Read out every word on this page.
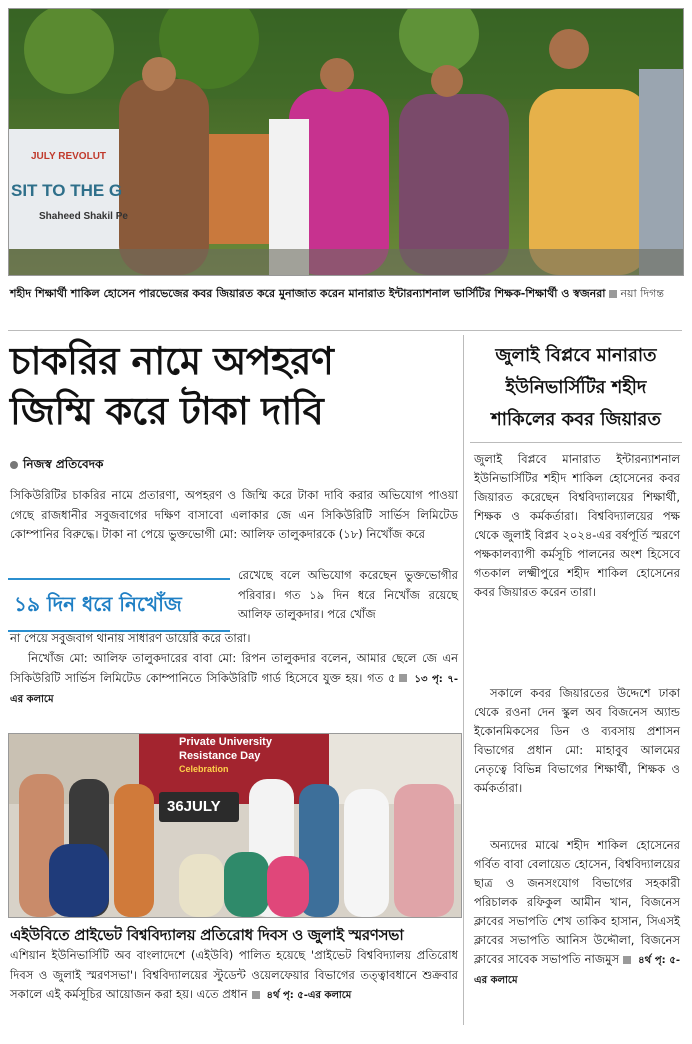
JULY REVOLUT
SIT TO THE G
Shaheed Shakil Pe
শহীদ শিক্ষার্থী শাকিল হোসেন পারভেজের কবর জিয়ারত করে মুনাজাত করেন মানারাত ইন্টারন্যাশনাল ভার্সিটির শিক্ষক-শিক্ষার্থী ও স্বজনরা নয়া দিগন্ত
চাকরির নামে অপহরণ
জিম্মি করে টাকা দাবি
নিজস্ব প্রতিবেদক
সিকিউরিটির চাকরির নামে প্রতারণা, অপহরণ ও জিম্মি করে টাকা দাবি করার অভিযোগ পাওয়া গেছে রাজধানীর সবুজবাগের দক্ষিণ বাসাবো এলাকার জে এন সিকিউরিটি সার্ভিস লিমিটেড কোম্পানির বিরুদ্ধে। টাকা না পেয়ে ভুক্তভোগী মো: আলিফ তালুকদারকে (১৮) নিখোঁজ করে
১৯ দিন ধরে নিখোঁজ
রেখেছে বলে অভিযোগ করেছেন ভুক্তভোগীর পরিবার। গত ১৯ দিন ধরে নিখোঁজ রয়েছে আলিফ তালুকদার। পরে খোঁজ
না পেয়ে সবুজবাগ থানায় সাধারণ ডায়েরি করে তারা।
নিখোঁজ মো: আলিফ তালুকদারের বাবা মো: রিপন তালুকদার বলেন, আমার ছেলে জে এন সিকিউরিটি সার্ভিস লিমিটেড কোম্পানিতে সিকিউরিটি গার্ড হিসেবে যুক্ত হয়। গত ৫ ১৩ পৃ: ৭-এর কলামে
Private University
Resistance Day
Celebration
36JULY
এইউবিতে প্রাইভেট বিশ্ববিদ্যালয় প্রতিরোধ দিবস ও জুলাই স্মরণসভা
এশিয়ান ইউনিভার্সিটি অব বাংলাদেশে (এইউবি) পালিত হয়েছে 'প্রাইভেট বিশ্ববিদ্যালয় প্রতিরোধ দিবস ও জুলাই স্মরণসভা'। বিশ্ববিদ্যালয়ের স্টুডেন্ট ওয়েলফেয়ার বিভাগের তত্ত্বাবধানে শুক্রবার সকালে এই কর্মসূচির আয়োজন করা হয়। এতে প্রধান ৪র্থ পৃ: ৫-এর কলামে
জুলাই বিপ্লবে মানারাত
ইউনিভার্সিটির শহীদ
শাকিলের কবর জিয়ারত
জুলাই বিপ্লবে মানারাত ইন্টারন্যাশনাল ইউনিভার্সিটির শহীদ শাকিল হোসেনের কবর জিয়ারত করেছেন বিশ্ববিদ্যালয়ের শিক্ষার্থী, শিক্ষক ও কর্মকর্তারা। বিশ্ববিদ্যালয়ের পক্ষ থেকে জুলাই বিপ্লব ২০২৪-এর বর্ষপূর্তি স্মরণে পক্ষকালব্যাপী কর্মসূচি পালনের অংশ হিসেবে গতকাল লক্ষ্মীপুরে শহীদ শাকিল হোসেনের কবর জিয়ারত করেন তারা।
সকালে কবর জিয়ারতের উদ্দেশে ঢাকা থেকে রওনা দেন স্কুল অব বিজনেস অ্যান্ড ইকোনমিকসের ডিন ও ব্যবসায় প্রশাসন বিভাগের প্রধান মো: মাহাবুব আলমের নেতৃত্বে বিভিন্ন বিভাগের শিক্ষার্থী, শিক্ষক ও কর্মকর্তারা।
অন্যদের মাঝে শহীদ শাকিল হোসেনের গর্বিত বাবা বেলায়েত হোসেন, বিশ্ববিদ্যালয়ের ছাত্র ও জনসংযোগ বিভাগের সহকারী পরিচালক রফিকুল আমীন খান, বিজনেস ক্লাবের সভাপতি শেখ তাকিব হাসান, সিএসই ক্লাবের সভাপতি আনিস উদ্দৌলা, বিজনেস ক্লাবের সাবেক সভাপতি নাজমুস ৪র্থ পৃ: ৫-এর কলামে
